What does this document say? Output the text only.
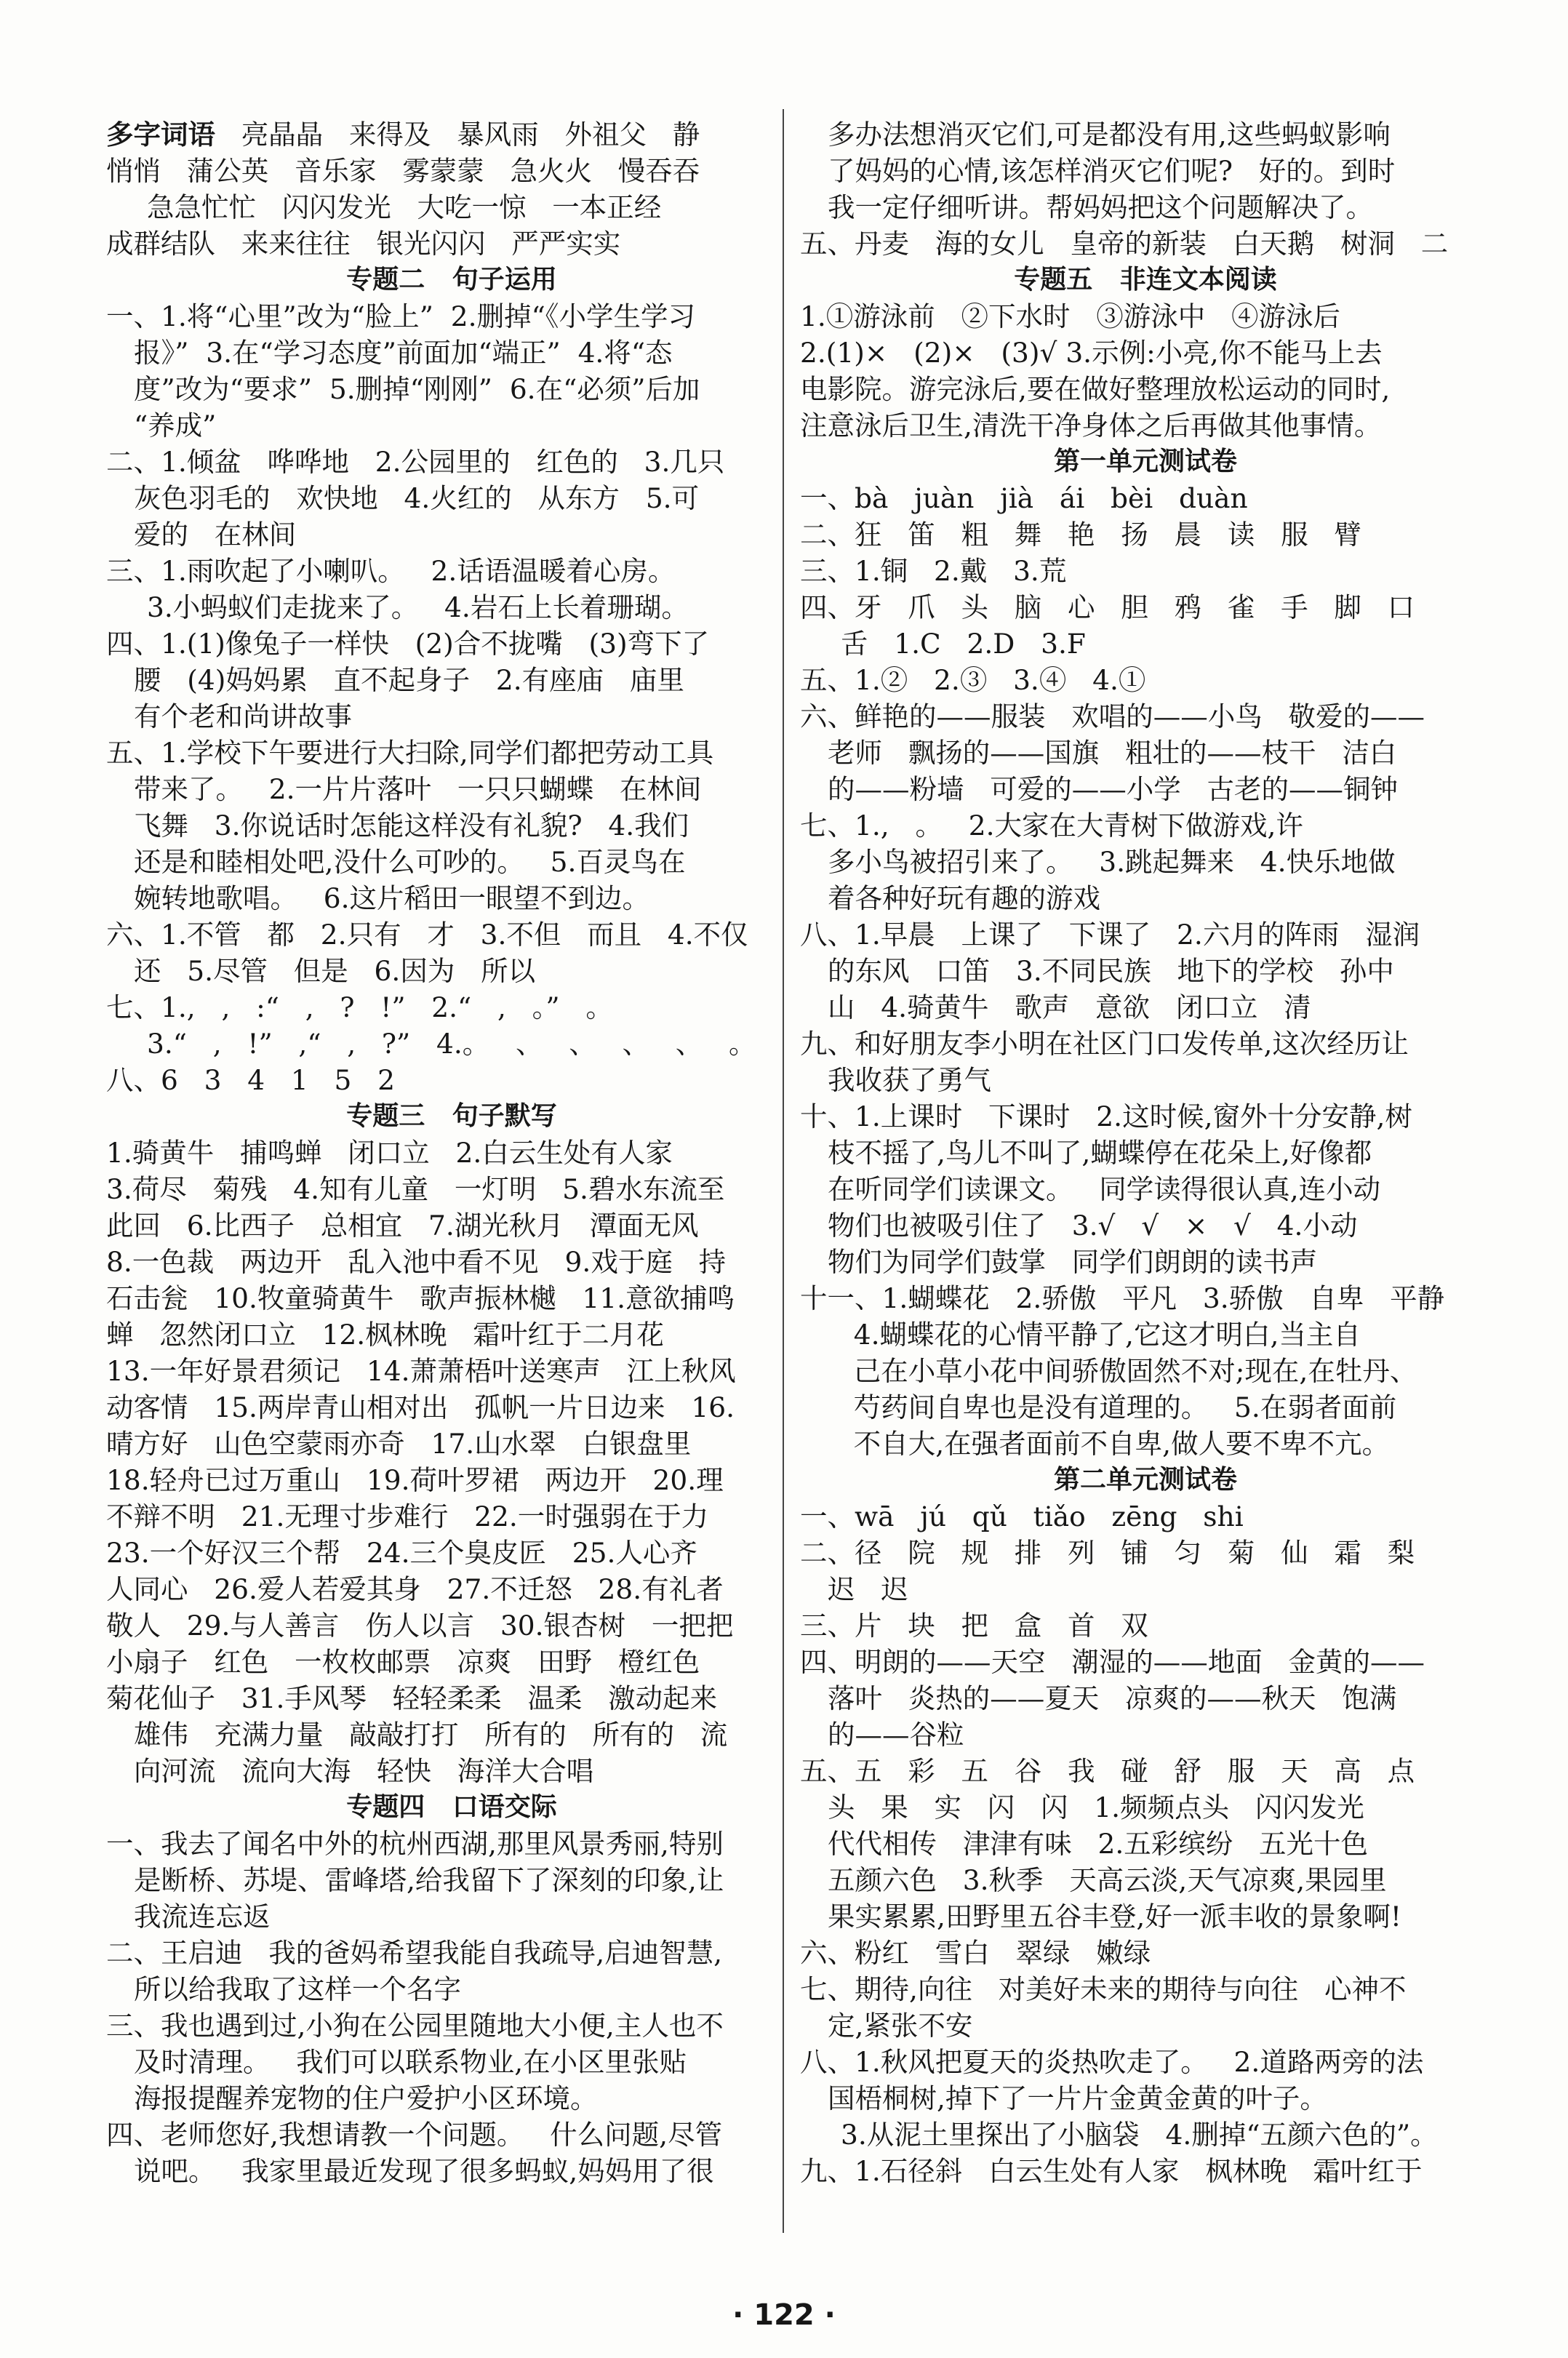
多字词语   亮晶晶   来得及   暴风雨   外祖父   静
悄悄   蒲公英   音乐家   雾蒙蒙   急火火   慢吞吞
急急忙忙   闪闪发光   大吃一惊   一本正经
成群结队   来来往往   银光闪闪   严严实实
专题二   句子运用
一、1.将“心里”改为“脸上”  2.删掉“《小学生学习
报》”  3.在“学习态度”前面加“端正”  4.将“态
度”改为“要求”  5.删掉“刚刚”  6.在“必须”后加
“养成”
二、1.倾盆   哗哗地   2.公园里的   红色的   3.几只
灰色羽毛的   欢快地   4.火红的   从东方   5.可
爱的   在林间
三、1.雨吹起了小喇叭。   2.话语温暖着心房。
3.小蚂蚁们走拢来了。   4.岩石上长着珊瑚。
四、1.(1)像兔子一样快   (2)合不拢嘴   (3)弯下了
腰   (4)妈妈累   直不起身子   2.有座庙   庙里
有个老和尚讲故事
五、1.学校下午要进行大扫除,同学们都把劳动工具
带来了。   2.一片片落叶   一只只蝴蝶   在林间
飞舞   3.你说话时怎能这样没有礼貌?   4.我们
还是和睦相处吧,没什么可吵的。   5.百灵鸟在
婉转地歌唱。   6.这片稻田一眼望不到边。
六、1.不管   都   2.只有   才   3.不但   而且   4.不仅
还   5.尽管   但是   6.因为   所以
七、1.,   ,   :“   ,   ?   !”   2.“   ,   。”   。
3.“   ,   !”   ,“   ,   ?”   4.。   、   、   、   、   。
八、6   3   4   1   5   2
专题三   句子默写
1.骑黄牛   捕鸣蝉   闭口立   2.白云生处有人家
3.荷尽   菊残   4.知有儿童   一灯明   5.碧水东流至
此回   6.比西子   总相宜   7.湖光秋月   潭面无风
8.一色裁   两边开   乱入池中看不见   9.戏于庭   持
石击瓮   10.牧童骑黄牛   歌声振林樾   11.意欲捕鸣
蝉   忽然闭口立   12.枫林晚   霜叶红于二月花
13.一年好景君须记   14.萧萧梧叶送寒声   江上秋风
动客情   15.两岸青山相对出   孤帆一片日边来   16.
晴方好   山色空蒙雨亦奇   17.山水翠   白银盘里
18.轻舟已过万重山   19.荷叶罗裙   两边开   20.理
不辩不明   21.无理寸步难行   22.一时强弱在于力
23.一个好汉三个帮   24.三个臭皮匠   25.人心齐
人同心   26.爱人若爱其身   27.不迁怒   28.有礼者
敬人   29.与人善言   伤人以言   30.银杏树   一把把
小扇子   红色   一枚枚邮票   凉爽   田野   橙红色
菊花仙子   31.手风琴   轻轻柔柔   温柔   激动起来
雄伟   充满力量   敲敲打打   所有的   所有的   流
向河流   流向大海   轻快   海洋大合唱
专题四   口语交际
一、我去了闻名中外的杭州西湖,那里风景秀丽,特别
是断桥、苏堤、雷峰塔,给我留下了深刻的印象,让
我流连忘返
二、王启迪   我的爸妈希望我能自我疏导,启迪智慧,
所以给我取了这样一个名字
三、我也遇到过,小狗在公园里随地大小便,主人也不
及时清理。   我们可以联系物业,在小区里张贴
海报提醒养宠物的住户爱护小区环境。
四、老师您好,我想请教一个问题。   什么问题,尽管
说吧。   我家里最近发现了很多蚂蚁,妈妈用了很
多办法想消灭它们,可是都没有用,这些蚂蚁影响
了妈妈的心情,该怎样消灭它们呢?   好的。到时
我一定仔细听讲。帮妈妈把这个问题解决了。
五、丹麦   海的女儿   皇帝的新装   白天鹅   树洞   二
专题五   非连文本阅读
1.①游泳前   ②下水时   ③游泳中   ④游泳后
2.(1)×   (2)×   (3)√ 3.示例:小亮,你不能马上去
电影院。游完泳后,要在做好整理放松运动的同时,
注意泳后卫生,清洗干净身体之后再做其他事情。
第一单元测试卷
一、bà   juàn   jià   ái   bèi   duàn
二、狂   笛   粗   舞   艳   扬   晨   读   服   臂
三、1.铜   2.戴   3.荒
四、牙   爪   头   脑   心   胆   鸦   雀   手   脚   口
舌   1.C   2.D   3.F
五、1.②   2.③   3.④   4.①
六、鲜艳的——服装   欢唱的——小鸟   敬爱的——
老师   飘扬的——国旗   粗壮的——枝干   洁白
的——粉墙   可爱的——小学   古老的——铜钟
七、1.,   。   2.大家在大青树下做游戏,许
多小鸟被招引来了。   3.跳起舞来   4.快乐地做
着各种好玩有趣的游戏
八、1.早晨   上课了   下课了   2.六月的阵雨   湿润
的东风   口笛   3.不同民族   地下的学校   孙中
山   4.骑黄牛   歌声   意欲   闭口立   清
九、和好朋友李小明在社区门口发传单,这次经历让
我收获了勇气
十、1.上课时   下课时   2.这时候,窗外十分安静,树
枝不摇了,鸟儿不叫了,蝴蝶停在花朵上,好像都
在听同学们读课文。   同学读得很认真,连小动
物们也被吸引住了   3.√   √   ×   √   4.小动
物们为同学们鼓掌   同学们朗朗的读书声
十一、1.蝴蝶花   2.骄傲   平凡   3.骄傲   自卑   平静
4.蝴蝶花的心情平静了,它这才明白,当主自
己在小草小花中间骄傲固然不对;现在,在牡丹、
芍药间自卑也是没有道理的。   5.在弱者面前
不自大,在强者面前不自卑,做人要不卑不亢。
第二单元测试卷
一、wā   jú   qǔ   tiǎo   zēng   shi
二、径   院   规   排   列   铺   匀   菊   仙   霜   梨
迟   迟
三、片   块   把   盒   首   双
四、明朗的——天空   潮湿的——地面   金黄的——
落叶   炎热的——夏天   凉爽的——秋天   饱满
的——谷粒
五、五   彩   五   谷   我   碰   舒   服   天   高   点
头   果   实   闪   闪   1.频频点头   闪闪发光
代代相传   津津有味   2.五彩缤纷   五光十色
五颜六色   3.秋季   天高云淡,天气凉爽,果园里
果实累累,田野里五谷丰登,好一派丰收的景象啊!
六、粉红   雪白   翠绿   嫩绿
七、期待,向往   对美好未来的期待与向往   心神不
定,紧张不安
八、1.秋风把夏天的炎热吹走了。   2.道路两旁的法
国梧桐树,掉下了一片片金黄金黄的叶子。
3.从泥土里探出了小脑袋   4.删掉“五颜六色的”。
九、1.石径斜   白云生处有人家   枫林晚   霜叶红于
· 122 ·
